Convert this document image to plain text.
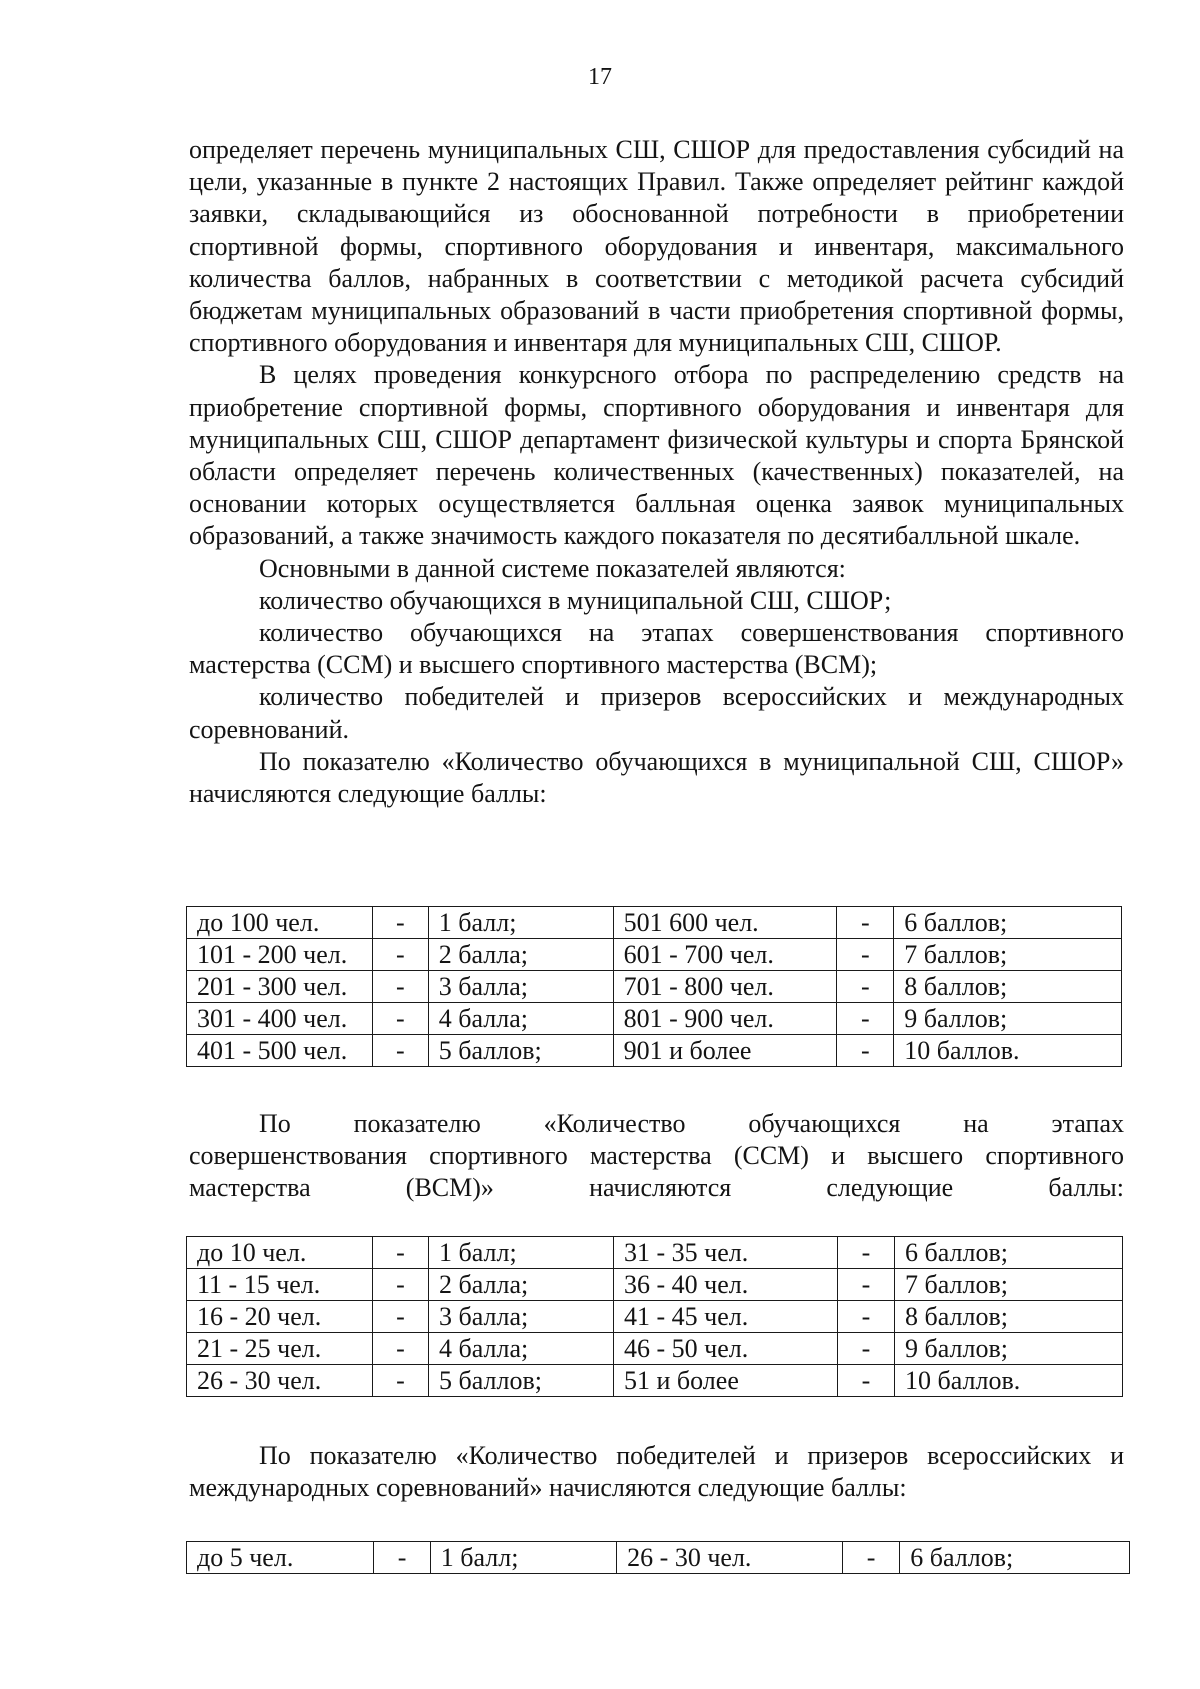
17

определяет перечень муниципальных СШ, СШОР для предоставления субсидий на цели, указанные в пункте 2 настоящих Правил. Также определяет рейтинг каждой заявки, складывающийся из обоснованной потребности в приобретении спортивной формы, спортивного оборудования и инвентаря, максимального количества баллов, набранных в соответствии с методикой расчета субсидий бюджетам муниципальных образований в части приобретения спортивной формы, спортивного оборудования и инвентаря для муниципальных СШ, СШОР.

В целях проведения конкурсного отбора по распределению средств на приобретение спортивной формы, спортивного оборудования и инвентаря для муниципальных СШ, СШОР департамент физической культуры и спорта Брянской области определяет перечень количественных (качественных) показателей, на основании которых осуществляется балльная оценка заявок муниципальных образований, а также значимость каждого показателя по десятибалльной шкале.

Основными в данной системе показателей являются:

количество обучающихся в муниципальной СШ, СШОР;

количество обучающихся на этапах совершенствования спортивного мастерства (ССМ) и высшего спортивного мастерства (ВСМ);

количество победителей и призеров всероссийских и международных соревнований.

По показателю «Количество обучающихся в муниципальной СШ, СШОР» начисляются следующие баллы:

до 100 чел.	-	1 балл;	501 600 чел.	-	6 баллов;
101 - 200 чел.	-	2 балла;	601 - 700 чел.	-	7 баллов;
201 - 300 чел.	-	3 балла;	701 - 800 чел.	-	8 баллов;
301 - 400 чел.	-	4 балла;	801 - 900 чел.	-	9 баллов;
401 - 500 чел.	-	5 баллов;	901 и более	-	10 баллов.

По показателю «Количество обучающихся на этапах
совершенствования спортивного мастерства (ССМ) и высшего спортивного мастерства (ВСМ)» начисляются следующие баллы:

до 10 чел.	-	1 балл;	31 - 35 чел.	-	6 баллов;
11 - 15 чел.	-	2 балла;	36 - 40 чел.	-	7 баллов;
16 - 20 чел.	-	3 балла;	41 - 45 чел.	-	8 баллов;
21 - 25 чел.	-	4 балла;	46 - 50 чел.	-	9 баллов;
26 - 30 чел.	-	5 баллов;	51 и более	-	10 баллов.

По показателю «Количество победителей и призеров всероссийских и международных соревнований» начисляются следующие баллы:

до 5 чел.	-	1 балл;	26 - 30 чел.	-	6 баллов;
